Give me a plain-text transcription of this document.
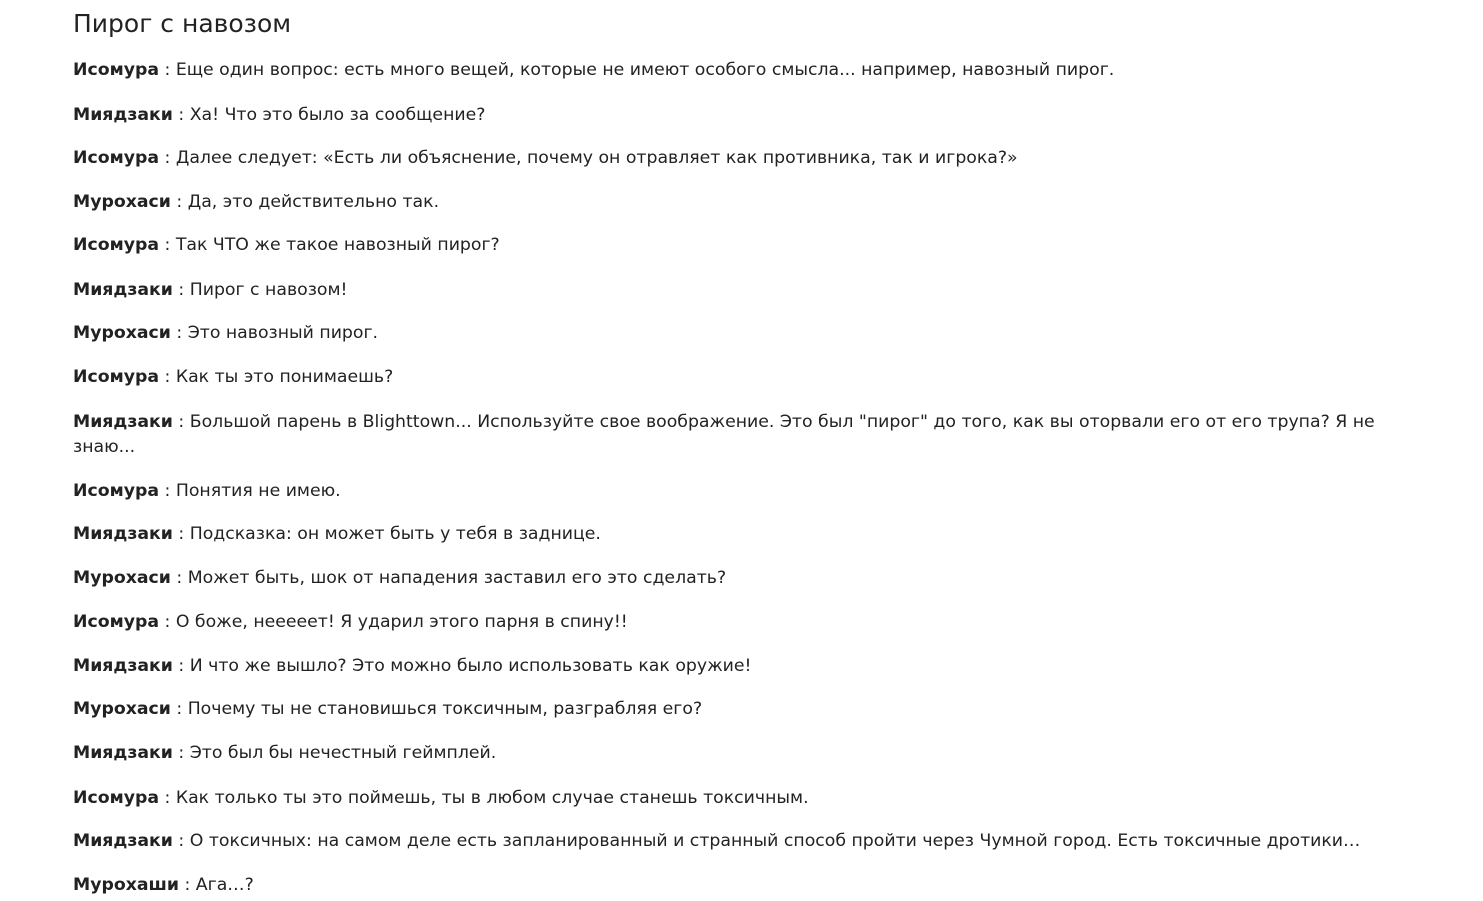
Пирог с навозом

Исомура : Еще один вопрос: есть много вещей, которые не имеют особого смысла... например, навозный пирог.

Миядзаки : Ха! Что это было за сообщение?

Исомура : Далее следует: «Есть ли объяснение, почему он отравляет как противника, так и игрока?»

Мурохаси : Да, это действительно так.

Исомура : Так ЧТО же такое навозный пирог?

Миядзаки : Пирог с навозом!

Мурохаси : Это навозный пирог.

Исомура : Как ты это понимаешь?

Миядзаки : Большой парень в Blighttown... Используйте свое воображение. Это был "пирог" до того, как вы оторвали его от его трупа? Я не знаю...

Исомура : Понятия не имею.

Миядзаки : Подсказка: он может быть у тебя в заднице.

Мурохаси : Может быть, шок от нападения заставил его это сделать?

Исомура : О боже, нееееет! Я ударил этого парня в спину!!

Миядзаки : И что же вышло? Это можно было использовать как оружие!

Мурохаси : Почему ты не становишься токсичным, разграбляя его?

Миядзаки : Это был бы нечестный геймплей.

Исомура : Как только ты это поймешь, ты в любом случае станешь токсичным.

Миядзаки : О токсичных: на самом деле есть запланированный и странный способ пройти через Чумной город. Есть токсичные дротики…

Мурохаши : Ага…?
